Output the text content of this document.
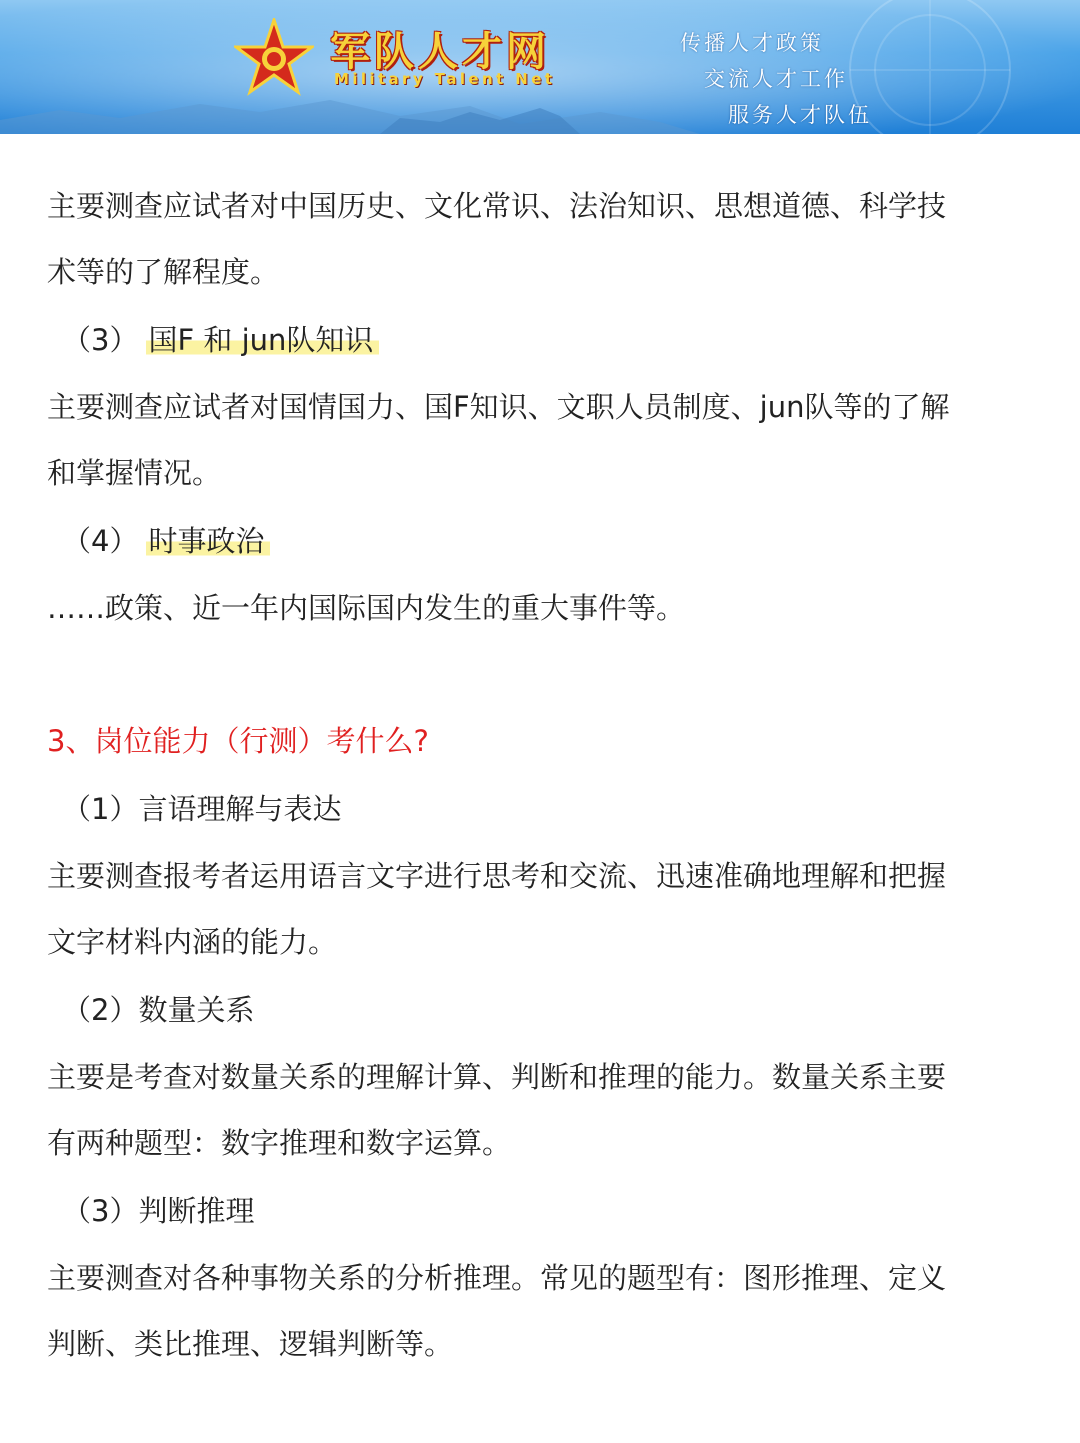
军队人才网
Military Talent Net
传播人才政策
交流人才工作
服务人才队伍
主要测查应试者对中国历史、文化常识、法治知识、思想道德、科学技
术等的了解程度。
（3） 国F 和 jun队知识
主要测查应试者对国情国力、国F知识、文职人员制度、jun队等的了解
和掌握情况。
（4） 时事政治
……政策、近一年内国际国内发生的重大事件等。
3、岗位能力（行测）考什么?
（1）言语理解与表达
主要测查报考者运用语言文字进行思考和交流、迅速准确地理解和把握
文字材料内涵的能力。
（2）数量关系
主要是考查对数量关系的理解计算、判断和推理的能力。数量关系主要
有两种题型：数字推理和数字运算。
（3）判断推理
主要测查对各种事物关系的分析推理。常见的题型有：图形推理、定义
判断、类比推理、逻辑判断等。
